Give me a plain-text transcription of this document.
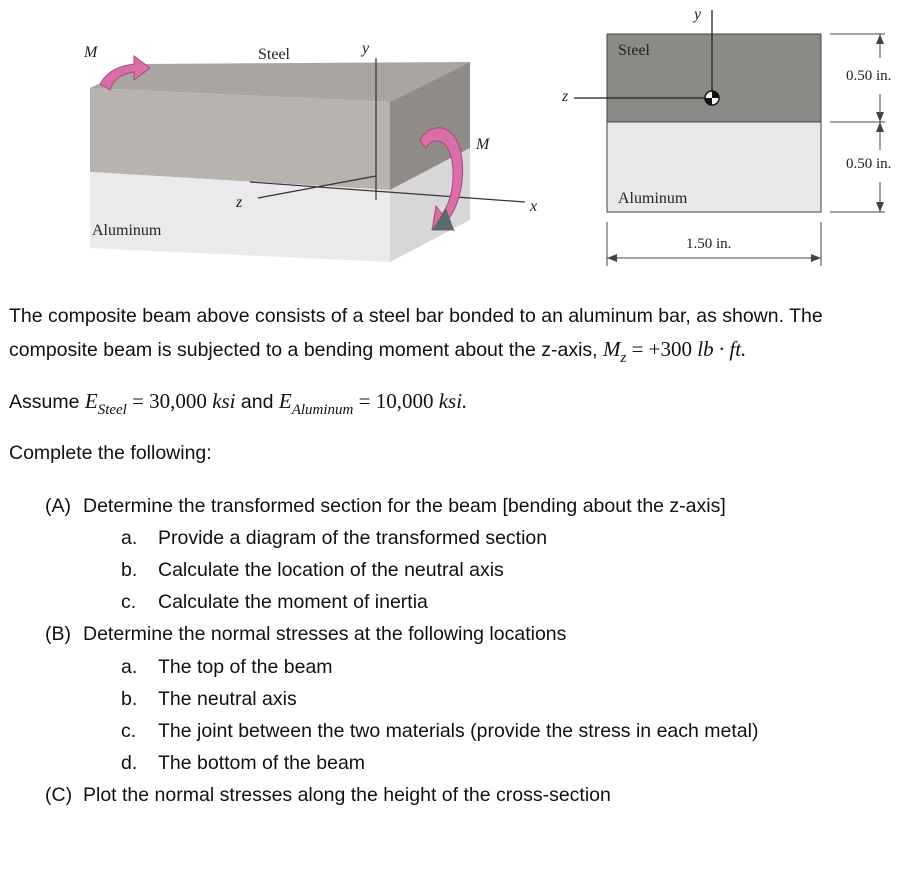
M	Steel	y
M
z	x
Aluminum
y
z
Steel
Aluminum
0.50 in.
0.50 in.
1.50 in.
The composite beam above consists of a steel bar bonded to an aluminum bar, as shown. The
composite beam is subjected to a bending moment about the z-axis, $M_z = +300$ lb · ft.
Assume $E_{Steel} = 30,000$ ksi and $E_{Aluminum} = 10,000$ ksi.
Complete the following:
(A) Determine the transformed section for the beam [bending about the z-axis]
a. Provide a diagram of the transformed section
b. Calculate the location of the neutral axis
c. Calculate the moment of inertia
(B) Determine the normal stresses at the following locations
a. The top of the beam
b. The neutral axis
c. The joint between the two materials (provide the stress in each metal)
d. The bottom of the beam
(C) Plot the normal stresses along the height of the cross-section
